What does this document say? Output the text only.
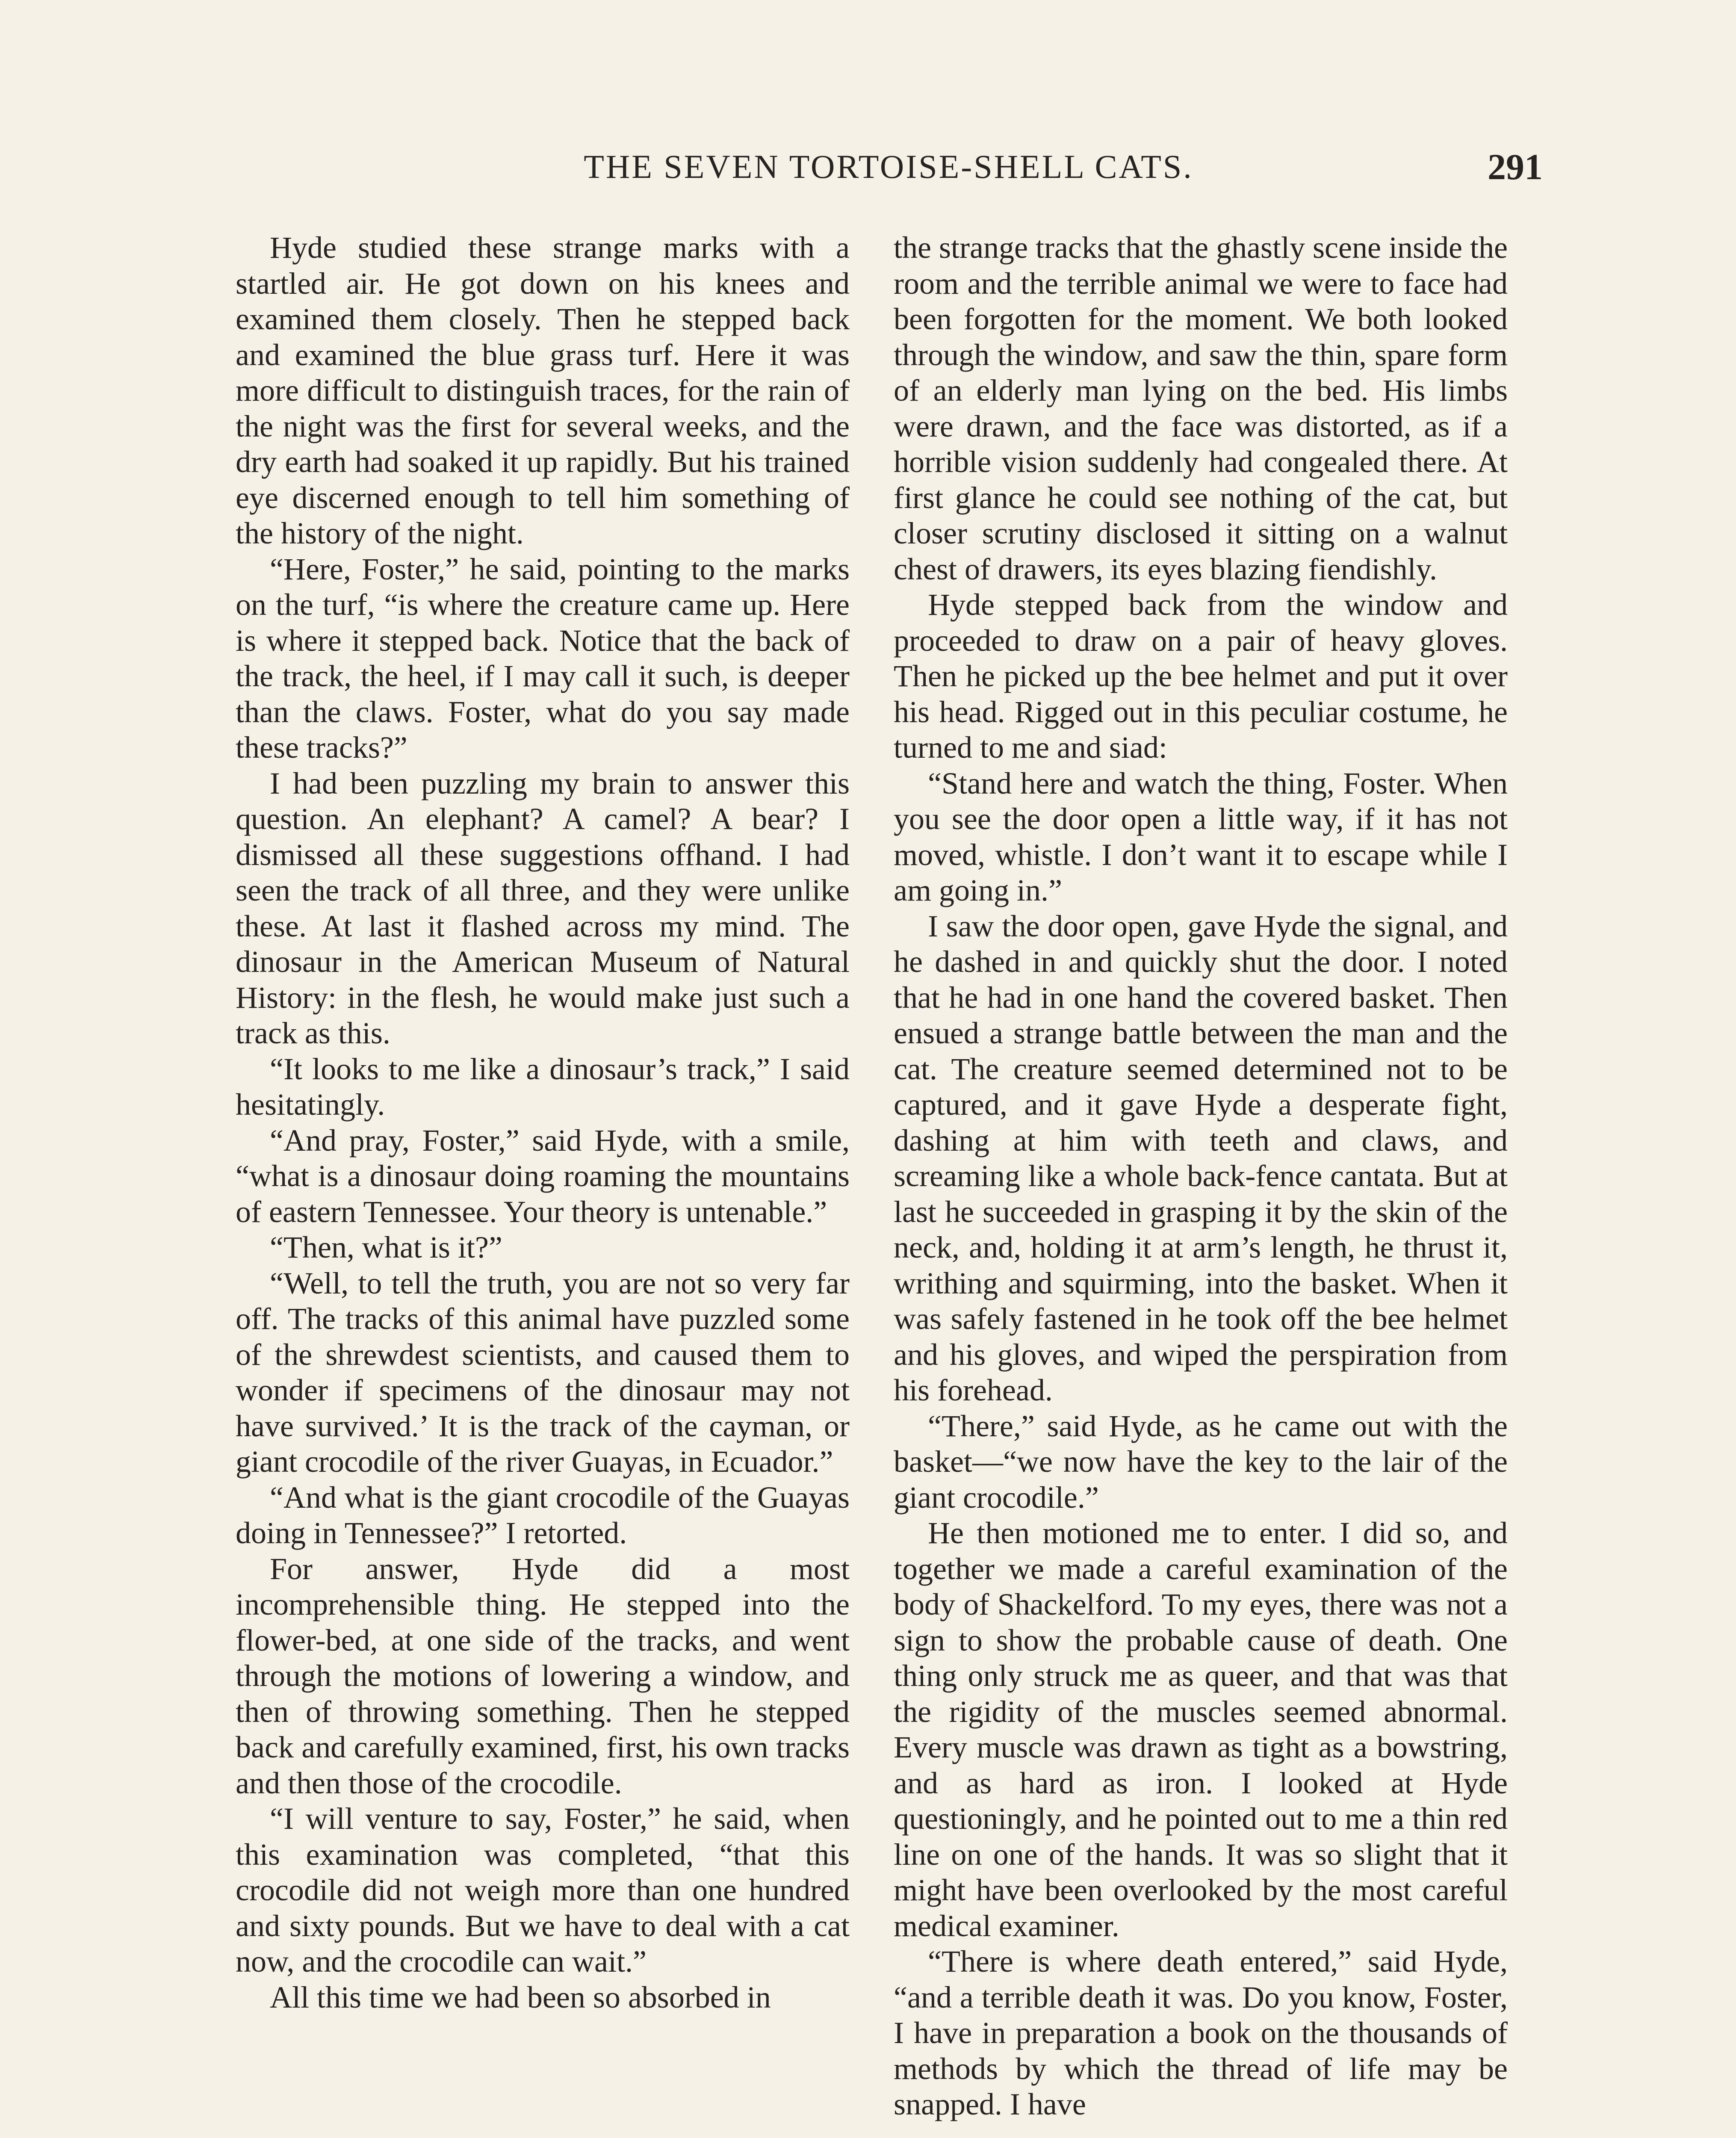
THE SEVEN TORTOISE-SHELL CATS.	291

Hyde studied these strange marks with a startled air. He got down on his knees and examined them closely. Then he stepped back and examined the blue grass turf. Here it was more difficult to distinguish traces, for the rain of the night was the first for several weeks, and the dry earth had soaked it up rapidly. But his trained eye discerned enough to tell him something of the history of the night.

“Here, Foster,” he said, pointing to the marks on the turf, “is where the creature came up. Here is where it stepped back. Notice that the back of the track, the heel, if I may call it such, is deeper than the claws. Foster, what do you say made these tracks?”

I had been puzzling my brain to answer this question. An elephant? A camel? A bear? I dismissed all these suggestions offhand. I had seen the track of all three, and they were unlike these. At last it flashed across my mind. The dinosaur in the American Museum of Natural History: in the flesh, he would make just such a track as this.

“It looks to me like a dinosaur’s track,” I said hesitatingly.

“And pray, Foster,” said Hyde, with a smile, “what is a dinosaur doing roaming the mountains of eastern Tennessee. Your theory is untenable.”

“Then, what is it?”

“Well, to tell the truth, you are not so very far off. The tracks of this animal have puzzled some of the shrewdest scientists, and caused them to wonder if specimens of the dinosaur may not have survived.’ It is the track of the cayman, or giant crocodile of the river Guayas, in Ecuador.”

“And what is the giant crocodile of the Guayas doing in Tennessee?” I retorted.

For answer, Hyde did a most incomprehensible thing. He stepped into the flower-bed, at one side of the tracks, and went through the motions of lowering a window, and then of throwing something. Then he stepped back and carefully examined, first, his own tracks and then those of the crocodile.

“I will venture to say, Foster,” he said, when this examination was completed, “that this crocodile did not weigh more than one hundred and sixty pounds. But we have to deal with a cat now, and the crocodile can wait.”

All this time we had been so absorbed in

the strange tracks that the ghastly scene inside the room and the terrible animal we were to face had been forgotten for the moment. We both looked through the window, and saw the thin, spare form of an elderly man lying on the bed. His limbs were drawn, and the face was distorted, as if a horrible vision suddenly had congealed there. At first glance he could see nothing of the cat, but closer scrutiny disclosed it sitting on a walnut chest of drawers, its eyes blazing fiendishly.

Hyde stepped back from the window and proceeded to draw on a pair of heavy gloves. Then he picked up the bee helmet and put it over his head. Rigged out in this peculiar costume, he turned to me and siad:

“Stand here and watch the thing, Foster. When you see the door open a little way, if it has not moved, whistle. I don’t want it to escape while I am going in.”

I saw the door open, gave Hyde the signal, and he dashed in and quickly shut the door. I noted that he had in one hand the covered basket. Then ensued a strange battle between the man and the cat. The creature seemed determined not to be captured, and it gave Hyde a desperate fight, dashing at him with teeth and claws, and screaming like a whole back-fence cantata. But at last he succeeded in grasping it by the skin of the neck, and, holding it at arm’s length, he thrust it, writhing and squirming, into the basket. When it was safely fastened in he took off the bee helmet and his gloves, and wiped the perspiration from his forehead.

“There,” said Hyde, as he came out with the basket—“we now have the key to the lair of the giant crocodile.”

He then motioned me to enter. I did so, and together we made a careful examination of the body of Shackelford. To my eyes, there was not a sign to show the probable cause of death. One thing only struck me as queer, and that was that the rigidity of the muscles seemed abnormal. Every muscle was drawn as tight as a bowstring, and as hard as iron. I looked at Hyde questioningly, and he pointed out to me a thin red line on one of the hands. It was so slight that it might have been overlooked by the most careful medical examiner.

“There is where death entered,” said Hyde, “and a terrible death it was. Do you know, Foster, I have in preparation a book on the thousands of methods by which the thread of life may be snapped. I have
